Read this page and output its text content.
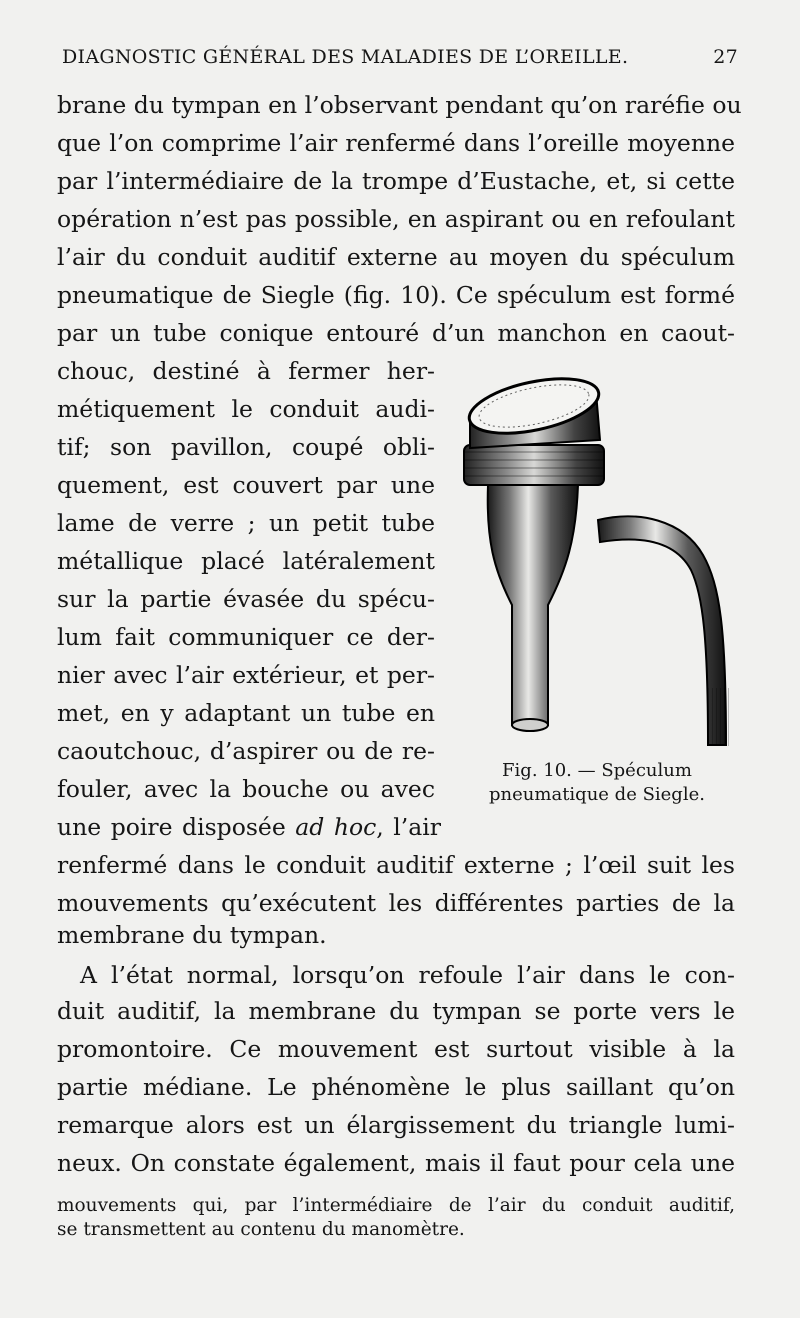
DIAGNOSTIC GÉNÉRAL DES MALADIES DE L’OREILLE.	27
brane du tympan en l’observant pendant qu’on raréfie ou
que l’on comprime l’air renfermé dans l’oreille moyenne
par l’intermédiaire de la trompe d’Eustache, et, si cette
opération n’est pas possible, en aspirant ou en refoulant
l’air du conduit auditif externe au moyen du spéculum
pneumatique de Siegle (fig. 10). Ce spéculum est formé
par un tube conique entouré d’un manchon en caout-
chouc, destiné à fermer her-
métiquement le conduit audi-
tif; son pavillon, coupé obli-
quement, est couvert par une
lame de verre ; un petit tube
métallique placé latéralement
sur la partie évasée du spécu-
lum fait communiquer ce der-
nier avec l’air extérieur, et per-
met, en y adaptant un tube en
caoutchouc, d’aspirer ou de re-
fouler, avec la bouche ou avec
une poire disposée ad hoc, l’air
renfermé dans le conduit auditif externe ; l’œil suit les
mouvements qu’exécutent les différentes parties de la
membrane du tympan.
A l’état normal, lorsqu’on refoule l’air dans le con-
duit auditif, la membrane du tympan se porte vers le
promontoire. Ce mouvement est surtout visible à la
partie médiane. Le phénomène le plus saillant qu’on
remarque alors est un élargissement du triangle lumi-
neux. On constate également, mais il faut pour cela une
Fig. 10. — Spéculum
pneumatique de Siegle.
mouvements qui, par l’intermédiaire de l’air du conduit auditif,
se transmettent au contenu du manomètre.
